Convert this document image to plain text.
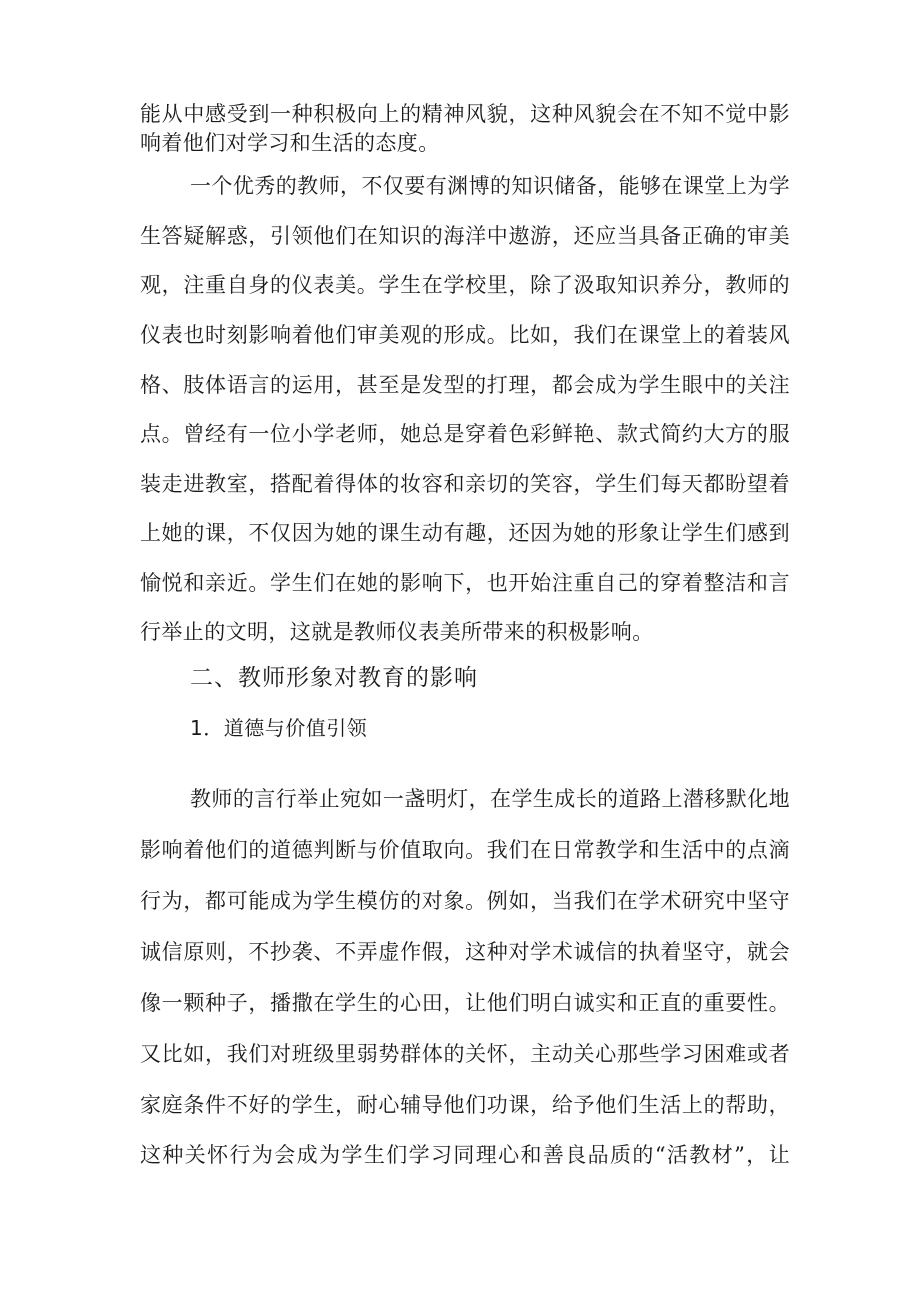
能从中感受到一种积极向上的精神风貌，这种风貌会在不知不觉中影
响着他们对学习和生活的态度。
一个优秀的教师，不仅要有渊博的知识储备，能够在课堂上为学
生答疑解惑，引领他们在知识的海洋中遨游，还应当具备正确的审美
观，注重自身的仪表美。学生在学校里，除了汲取知识养分，教师的
仪表也时刻影响着他们审美观的形成。比如，我们在课堂上的着装风
格、肢体语言的运用，甚至是发型的打理，都会成为学生眼中的关注
点。曾经有一位小学老师，她总是穿着色彩鲜艳、款式简约大方的服
装走进教室，搭配着得体的妆容和亲切的笑容，学生们每天都盼望着
上她的课，不仅因为她的课生动有趣，还因为她的形象让学生们感到
愉悦和亲近。学生们在她的影响下，也开始注重自己的穿着整洁和言
行举止的文明，这就是教师仪表美所带来的积极影响。
二、教师形象对教育的影响
1．道德与价值引领
教师的言行举止宛如一盏明灯，在学生成长的道路上潜移默化地
影响着他们的道德判断与价值取向。我们在日常教学和生活中的点滴
行为，都可能成为学生模仿的对象。例如，当我们在学术研究中坚守
诚信原则，不抄袭、不弄虚作假，这种对学术诚信的执着坚守，就会
像一颗种子，播撒在学生的心田，让他们明白诚实和正直的重要性。
又比如，我们对班级里弱势群体的关怀，主动关心那些学习困难或者
家庭条件不好的学生，耐心辅导他们功课，给予他们生活上的帮助，
这种关怀行为会成为学生们学习同理心和善良品质的“活教材”，让
